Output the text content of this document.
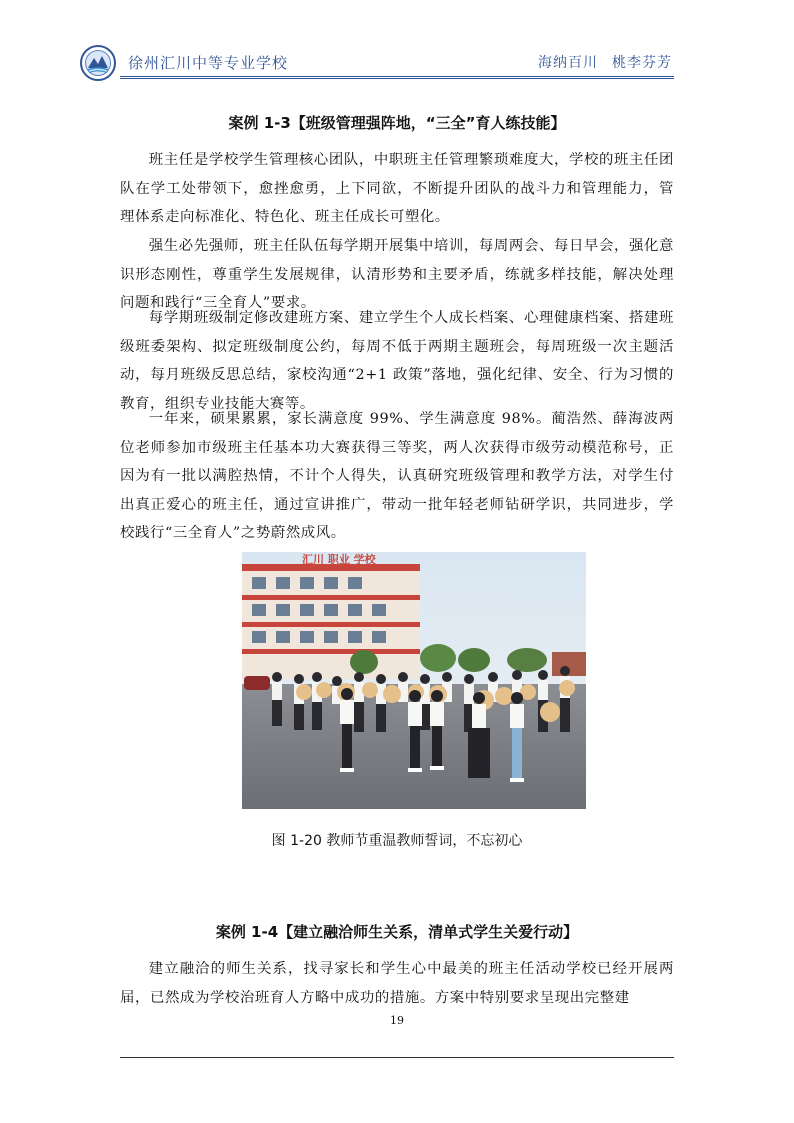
徐州汇川中等专业学校	海纳百川 桃李芬芳
案例 1-3【班级管理强阵地，“三全”育人练技能】

班主任是学校学生管理核心团队，中职班主任管理繁琐难度大，学校的班主任团队在学工处带领下，愈挫愈勇，上下同欲，不断提升团队的战斗力和管理能力，管理体系走向标准化、特色化、班主任成长可塑化。

强生必先强师，班主任队伍每学期开展集中培训，每周两会、每日早会，强化意识形态刚性，尊重学生发展规律，认清形势和主要矛盾，练就多样技能，解决处理问题和践行“三全育人”要求。

每学期班级制定修改建班方案、建立学生个人成长档案、心理健康档案、搭建班级班委架构、拟定班级制度公约，每周不低于两期主题班会，每周班级一次主题活动，每月班级反思总结，家校沟通“2+1 政策”落地，强化纪律、安全、行为习惯的教育，组织专业技能大赛等。

一年来，硕果累累，家长满意度 99%、学生满意度 98%。蔺浩然、薛海波两位老师参加市级班主任基本功大赛获得三等奖，两人次获得市级劳动模范称号，正因为有一批以满腔热情，不计个人得失，认真研究班级管理和教学方法，对学生付出真正爱心的班主任，通过宣讲推广，带动一批年轻老师钻研学识，共同进步，学校践行“三全育人”之势蔚然成风。

汇川 职业 学校
图 1-20 教师节重温教师誓词，不忘初心
案例 1-4【建立融洽师生关系，清单式学生关爱行动】

建立融洽的师生关系，找寻家长和学生心中最美的班主任活动学校已经开展两届，已然成为学校治班育人方略中成功的措施。方案中特别要求呈现出完整建

19
